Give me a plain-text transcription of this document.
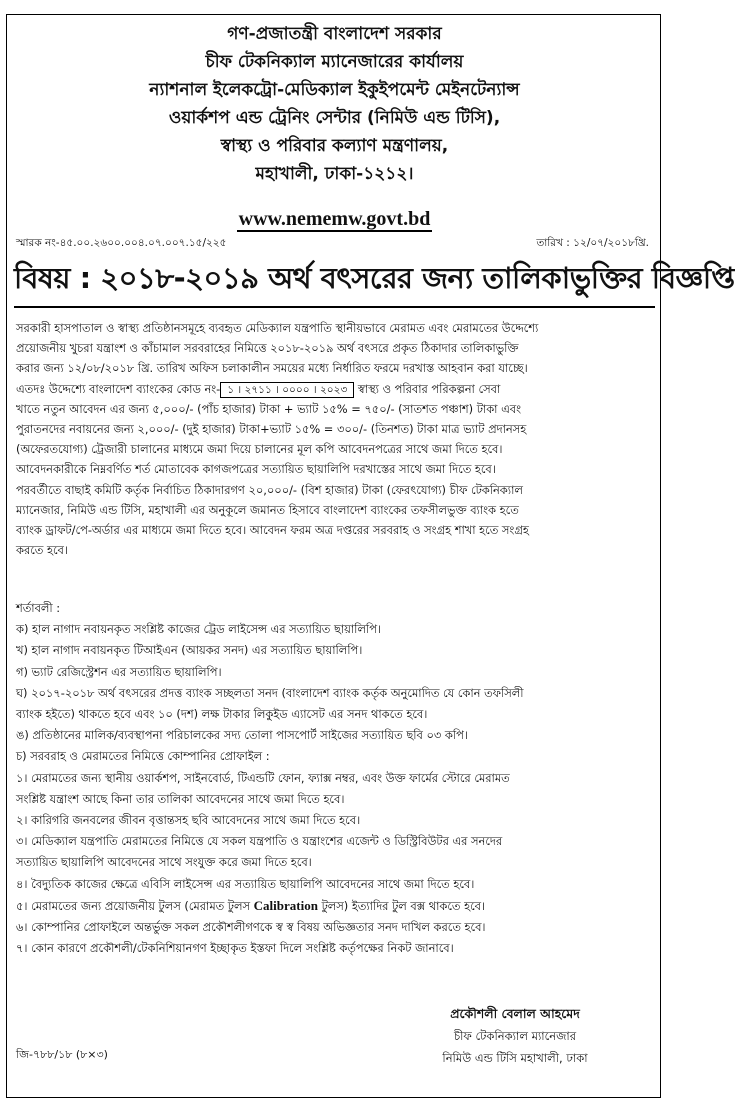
গণ-প্রজাতন্ত্রী বাংলাদেশ সরকার
চীফ টেকনিক্যাল ম্যানেজারের কার্যালয়
ন্যাশনাল ইলেকট্রো-মেডিক্যাল ইকুইপমেন্ট মেইনটেন্যান্স
ওয়ার্কশপ এন্ড ট্রেনিং সেন্টার (নিমিউ এন্ড টিসি),
স্বাস্থ্য ও পরিবার কল্যাণ মন্ত্রণালয়,
মহাখালী, ঢাকা-১২১২।
www.nememw.govt.bd
স্মারক নং-৪৫.০০.২৬০০.০০৪.০৭.০০৭.১৫/২২৫	তারিখ : ১২/০৭/২০১৮খ্রি.
বিষয় : ২০১৮-২০১৯ অর্থ বৎসরের জন্য তালিকাভুক্তির বিজ্ঞপ্তি

সরকারী হাসপাতাল ও স্বাস্থ্য প্রতিষ্ঠানসমূহে ব্যবহৃত মেডিক্যাল যন্ত্রপাতি স্থানীয়ভাবে মেরামত এবং মেরামতের উদ্দেশ্যে

প্রয়োজনীয় খুচরা যন্ত্রাংশ ও কাঁচামাল সরবরাহের নিমিত্তে ২০১৮-২০১৯ অর্থ বৎসরে প্রকৃত ঠিকাদার তালিকাভুক্তি

করার জন্য ১২/০৮/২০১৮ খ্রি. তারিখ অফিস চলাকালীন সময়ের মধ্যে নির্ধারিত ফরমে দরখাস্ত আহবান করা যাচ্ছে।

এতদঃ উদ্দেশ্যে বাংলাদেশ ব্যাংকের কোড নং- ১ । ২৭১১ । ০০০০ । ২০২৩ স্বাস্থ্য ও পরিবার পরিকল্পনা সেবা

খাতে নতুন আবেদন এর জন্য ৫,০০০/- (পাঁচ হাজার) টাকা + ভ্যাট ১৫% = ৭৫০/- (সাতশত পঞ্চাশ) টাকা এবং

পুরাতনদের নবায়নের জন্য ২,০০০/- (দুই হাজার) টাকা+ভ্যাট ১৫% = ৩০০/- (তিনশত) টাকা মাত্র ভ্যাট প্রদানসহ

(অফেরতযোগ্য) ট্রেজারী চালানের মাধ্যমে জমা দিয়ে চালানের মূল কপি আবেদনপত্রের সাথে জমা দিতে হবে।

আবেদনকারীকে নিম্নবর্ণিত শর্ত মোতাবেক কাগজপত্রের সত্যায়িত ছায়ালিপি দরখাস্তের সাথে জমা দিতে হবে।

পরবর্তীতে বাছাই কমিটি কর্তৃক নির্বাচিত ঠিকাদারগণ ২০,০০০/- (বিশ হাজার) টাকা (ফেরৎযোগ্য) চীফ টেকনিক্যাল

ম্যানেজার, নিমিউ এন্ড টিসি, মহাখালী এর অনুকূলে জমানত হিসাবে বাংলাদেশ ব্যাংকের তফসীলভুক্ত ব্যাংক হতে

ব্যাংক ড্রাফট/পে-অর্ডার এর মাধ্যমে জমা দিতে হবে। আবেদন ফরম অত্র দপ্তরের সরবরাহ ও সংগ্রহ শাখা হতে সংগ্রহ

করতে হবে।

শর্তাবলী :

ক) হাল নাগাদ নবায়নকৃত সংশ্লিষ্ট কাজের ট্রেড লাইসেন্স এর সত্যায়িত ছায়ালিপি।

খ) হাল নাগাদ নবায়নকৃত টিআইএন (আয়কর সনদ) এর সত্যায়িত ছায়ালিপি।

গ) ভ্যাট রেজিস্ট্রেশন এর সত্যায়িত ছায়ালিপি।

ঘ) ২০১৭-২০১৮ অর্থ বৎসরের প্রদত্ত ব্যাংক সচ্ছলতা সনদ (বাংলাদেশ ব্যাংক কর্তৃক অনুমোদিত যে কোন তফসিলী

ব্যাংক হইতে) থাকতে হবে এবং ১০ (দশ) লক্ষ টাকার লিকুইড এ্যাসেট এর সনদ থাকতে হবে।

ঙ) প্রতিষ্ঠানের মালিক/ব্যবস্থাপনা পরিচালকের সদ্য তোলা পাসপোর্ট সাইজের সত্যায়িত ছবি ০৩ কপি।

চ) সরবরাহ ও মেরামতের নিমিত্তে কোম্পানির প্রোফাইল :

১। মেরামতের জন্য স্থানীয় ওয়ার্কশপ, সাইনবোর্ড, টিএন্ডটি ফোন, ফ্যাক্স নম্বর, এবং উক্ত ফার্মের স্টোরে মেরামত

সংশ্লিষ্ট যন্ত্রাংশ আছে কিনা তার তালিকা আবেদনের সাথে জমা দিতে হবে।

২। কারিগরি জনবলের জীবন বৃত্তান্তসহ ছবি আবেদনের সাথে জমা দিতে হবে।

৩। মেডিক্যাল যন্ত্রপাতি মেরামতের নিমিত্তে যে সকল যন্ত্রপাতি ও যন্ত্রাংশের এজেন্ট ও ডিস্ট্রিবিউটর এর সনদের

সত্যায়িত ছায়ালিপি আবেদনের সাথে সংযুক্ত করে জমা দিতে হবে।

৪। বৈদ্যুতিক কাজের ক্ষেত্রে এবিসি লাইসেন্স এর সত্যায়িত ছায়ালিপি আবেদনের সাথে জমা দিতে হবে।

৫। মেরামতের জন্য প্রয়োজনীয় টুলস (মেরামত টুলস Calibration টুলস) ইত্যাদির টুল বক্স থাকতে হবে।

৬। কোম্পানির প্রোফাইলে অন্তর্ভুক্ত সকল প্রকৌশলীগণকে স্ব স্ব বিষয় অভিজ্ঞতার সনদ দাখিল করতে হবে।

৭। কোন কারণে প্রকৌশলী/টেকনিশিয়ানগণ ইচ্ছাকৃত ইস্তফা দিলে সংশ্লিষ্ট কর্তৃপক্ষের নিকট জানাবে।

প্রকৌশলী বেলাল আহমেদ
চীফ টেকনিক্যাল ম্যানেজার
নিমিউ এন্ড টিসি মহাখালী, ঢাকা
জি-৭৮৮/১৮ (৮×৩)
